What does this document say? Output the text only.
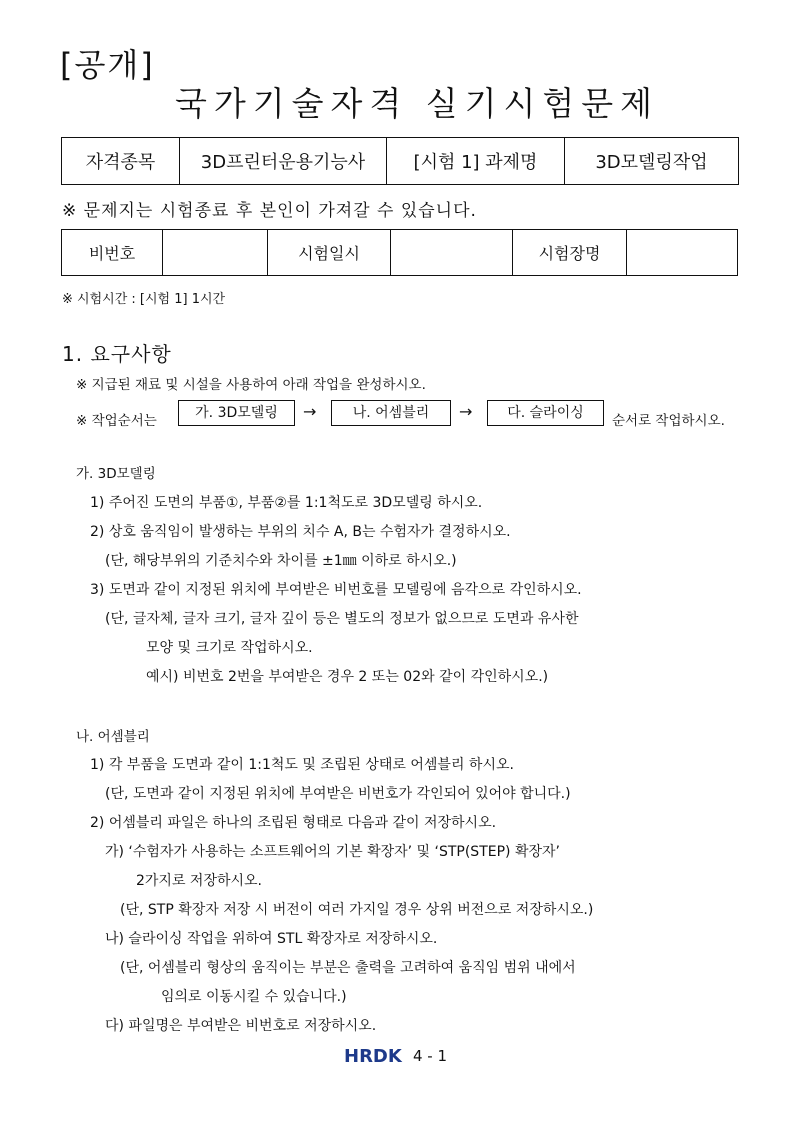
[공개]
국가기술자격 실기시험문제
자격종목	3D프린터운용기능사	[시험 1] 과제명	3D모델링작업
※ 문제지는 시험종료 후 본인이 가져갈 수 있습니다.
비번호		시험일시		시험장명	
※ 시험시간 : [시험 1] 1시간
1. 요구사항
※ 지급된 재료 및 시설을 사용하여 아래 작업을 완성하시오.
※ 작업순서는	가. 3D모델링	→	나. 어셈블리	→	다. 슬라이싱	순서로 작업하시오.
가. 3D모델링
1) 주어진 도면의 부품①, 부품②를 1:1척도로 3D모델링 하시오.
2) 상호 움직임이 발생하는 부위의 치수 A, B는 수험자가 결정하시오.
(단, 해당부위의 기준치수와 차이를 ±1㎜ 이하로 하시오.)
3) 도면과 같이 지정된 위치에 부여받은 비번호를 모델링에 음각으로 각인하시오.
(단, 글자체, 글자 크기, 글자 깊이 등은 별도의 정보가 없으므로 도면과 유사한
모양 및 크기로 작업하시오.
예시) 비번호 2번을 부여받은 경우 2 또는 02와 같이 각인하시오.)
나. 어셈블리
1) 각 부품을 도면과 같이 1:1척도 및 조립된 상태로 어셈블리 하시오.
(단, 도면과 같이 지정된 위치에 부여받은 비번호가 각인되어 있어야 합니다.)
2) 어셈블리 파일은 하나의 조립된 형태로 다음과 같이 저장하시오.
가) ‘수험자가 사용하는 소프트웨어의 기본 확장자’ 및 ‘STP(STEP) 확장자’
2가지로 저장하시오.
(단, STP 확장자 저장 시 버전이 여러 가지일 경우 상위 버전으로 저장하시오.)
나) 슬라이싱 작업을 위하여 STL 확장자로 저장하시오.
(단, 어셈블리 형상의 움직이는 부분은 출력을 고려하여 움직임 범위 내에서
임의로 이동시킬 수 있습니다.)
다) 파일명은 부여받은 비번호로 저장하시오.
HRDK 4 - 1
